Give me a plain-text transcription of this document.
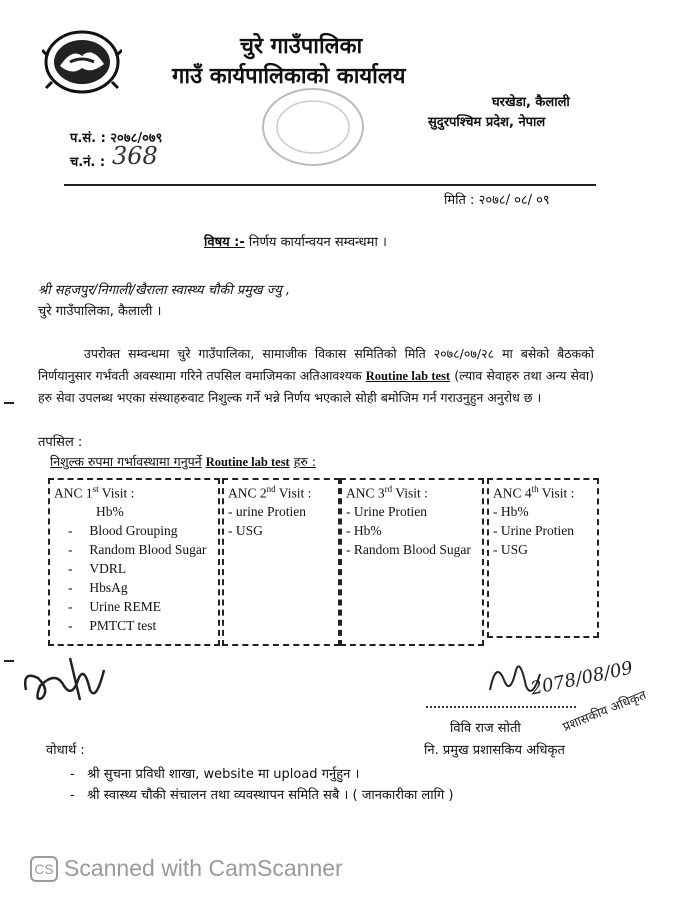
चुरे गाउँपालिका
गाउँ कार्यपालिकाको कार्यालय
घरखेडा, कैलाली
सुदुरपश्चिम प्रदेश, नेपाल
प.सं. : २०७८/०७९
च.नं. : 368
मिति : २०७८/ ०८/ ०९
विषय :- निर्णय कार्यान्वयन सम्वन्धमा ।
श्री सहजपुर/निगाली/खैराला स्वास्थ्य चौकी प्रमुख ज्यु ,
चुरे गाउँपालिका, कैलाली ।
उपरोक्त सम्वन्धमा चुरे गाउँपालिका, सामाजीक विकास समितिको मिति २०७८/०७/२८ मा बसेको बैठकको निर्णयानुसार गर्भवती अवस्थामा गरिने तपसिल वमाजिमका अतिआवश्यक Routine lab test (ल्याव सेवाहरु तथा अन्य सेवा) हरु सेवा उपलब्ध भएका संस्थाहरुवाट निशुल्क गर्ने भन्ने निर्णय भएकाले सोही बमोजिम गर्न गराउनुहुन अनुरोध छ ।
तपसिल :
निशुल्क रुपमा गर्भावस्थामा गनुपर्ने Routine lab test हरु :
ANC 1st Visit :
Hb%
-     Blood Grouping
-     Random Blood Sugar
-     VDRL
-     HbsAg
-     Urine REME
-     PMTCT test
ANC 2nd Visit :
- urine Protien
- USG
ANC 3rd Visit :
- Urine Protien
- Hb%
- Random Blood Sugar
ANC 4th Visit :
- Hb%
- Urine Protien
- USG
2078/08/09
विवि राज सोती	प्रशासकीय अधिकृत
नि. प्रमुख प्रशासकिय अधिकृत
वोधार्थ :
-   श्री सुचना प्रविधी शाखा, website मा upload गर्नुहुन ।
-   श्री स्वास्थ्य चौकी संचालन तथा व्यवस्थापन समिति सबै । ( जानकारीका लागि )
CS Scanned with CamScanner
